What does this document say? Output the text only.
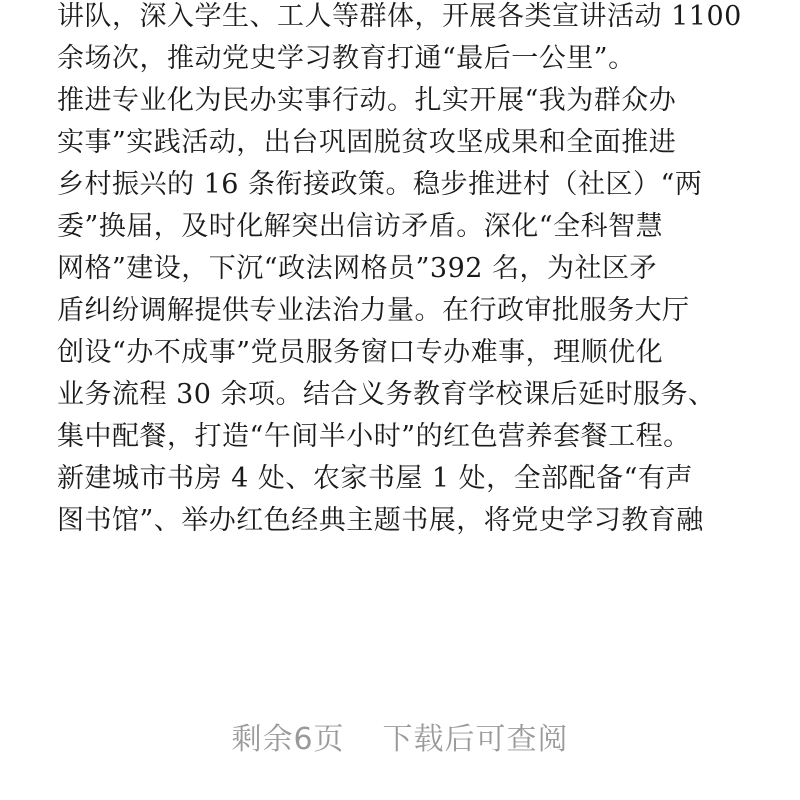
讲队，深入学生、工人等群体，开展各类宣讲活动 1100
余场次，推动党史学习教育打通“最后一公里”。
推进专业化为民办实事行动。扎实开展“我为群众办
实事”实践活动，出台巩固脱贫攻坚成果和全面推进
乡村振兴的 16 条衔接政策。稳步推进村（社区）“两
委”换届，及时化解突出信访矛盾。深化“全科智慧
网格”建设，下沉“政法网格员”392 名，为社区矛
盾纠纷调解提供专业法治力量。在行政审批服务大厅
创设“办不成事”党员服务窗口专办难事，理顺优化
业务流程 30 余项。结合义务教育学校课后延时服务、
集中配餐，打造“午间半小时”的红色营养套餐工程。
新建城市书房 4 处、农家书屋 1 处，全部配备“有声
图书馆”、举办红色经典主题书展，将党史学习教育融
剩余6页 下载后可查阅
